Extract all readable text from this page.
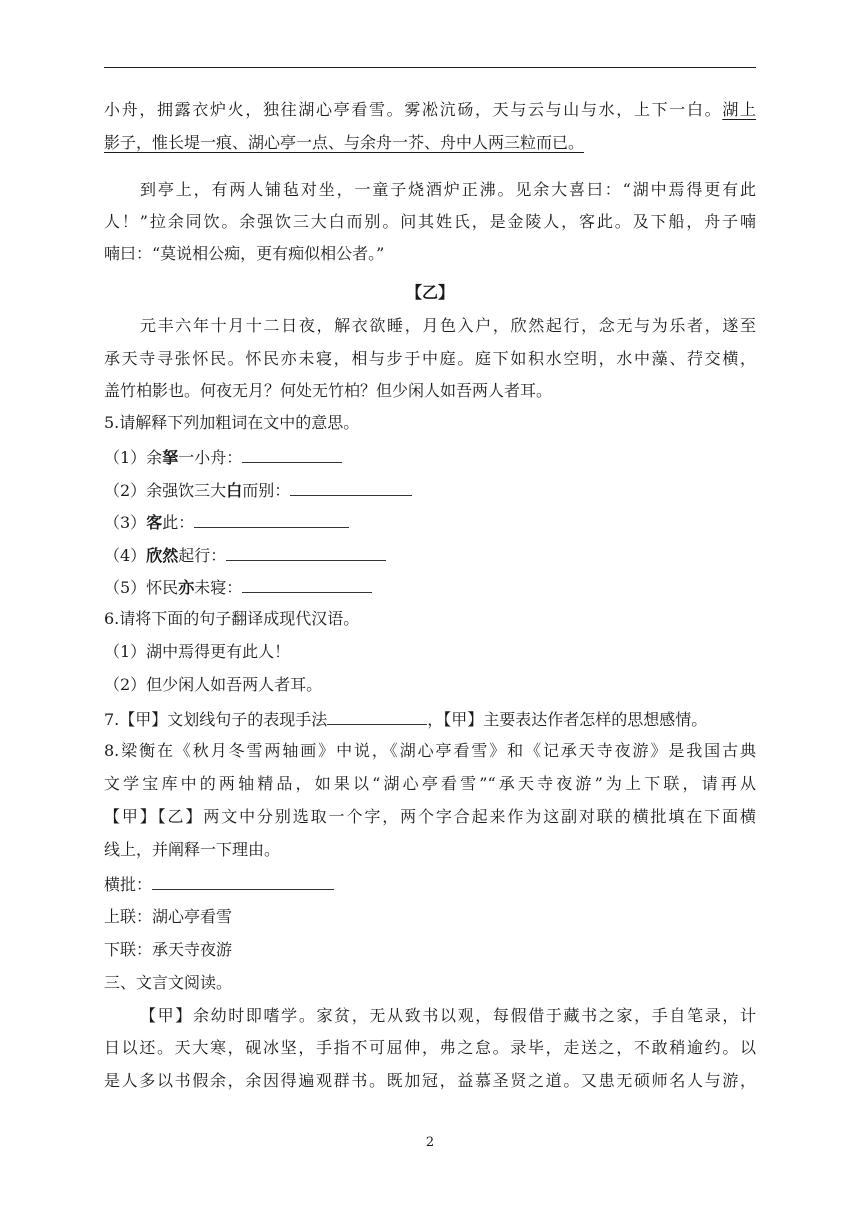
小舟，拥露衣炉火，独往湖心亭看雪。雾凇沆砀，天与云与山与水，上下一白。湖上
影子，惟长堤一痕、湖心亭一点、与余舟一芥、舟中人两三粒而已。
到亭上，有两人铺毡对坐，一童子烧酒炉正沸。见余大喜曰：“湖中焉得更有此
人！”拉余同饮。余强饮三大白而别。问其姓氏，是金陵人，客此。及下船，舟子喃
喃曰：“莫说相公痴，更有痴似相公者。”
【乙】
元丰六年十月十二日夜，解衣欲睡，月色入户，欣然起行，念无与为乐者，遂至
承天寺寻张怀民。怀民亦未寝，相与步于中庭。庭下如积水空明，水中藻、荇交横，
盖竹柏影也。何夜无月？何处无竹柏？但少闲人如吾两人者耳。
5.请解释下列加粗词在文中的意思。
（1）余拏一小舟：
（2）余强饮三大白而别：
（3）客此：
（4）欣然起行：
（5）怀民亦未寝：
6.请将下面的句子翻译成现代汉语。
（1）湖中焉得更有此人！
（2）但少闲人如吾两人者耳。
7.【甲】文划线句子的表现手法	，【甲】主要表达作者怎样的思想感情。
8.梁衡在《秋月冬雪两轴画》中说，《湖心亭看雪》和《记承天寺夜游》是我国古典
文学宝库中的两轴精品，如果以“湖心亭看雪”“承天寺夜游”为上下联，请再从
【甲】【乙】两文中分别选取一个字，两个字合起来作为这副对联的横批填在下面横
线上，并阐释一下理由。
横批：
上联：湖心亭看雪
下联：承天寺夜游
三、文言文阅读。
【甲】余幼时即嗜学。家贫，无从致书以观，每假借于藏书之家，手自笔录，计
日以还。天大寒，砚冰坚，手指不可屈伸，弗之怠。录毕，走送之，不敢稍逾约。以
是人多以书假余，余因得遍观群书。既加冠，益慕圣贤之道。又患无硕师名人与游，
2
